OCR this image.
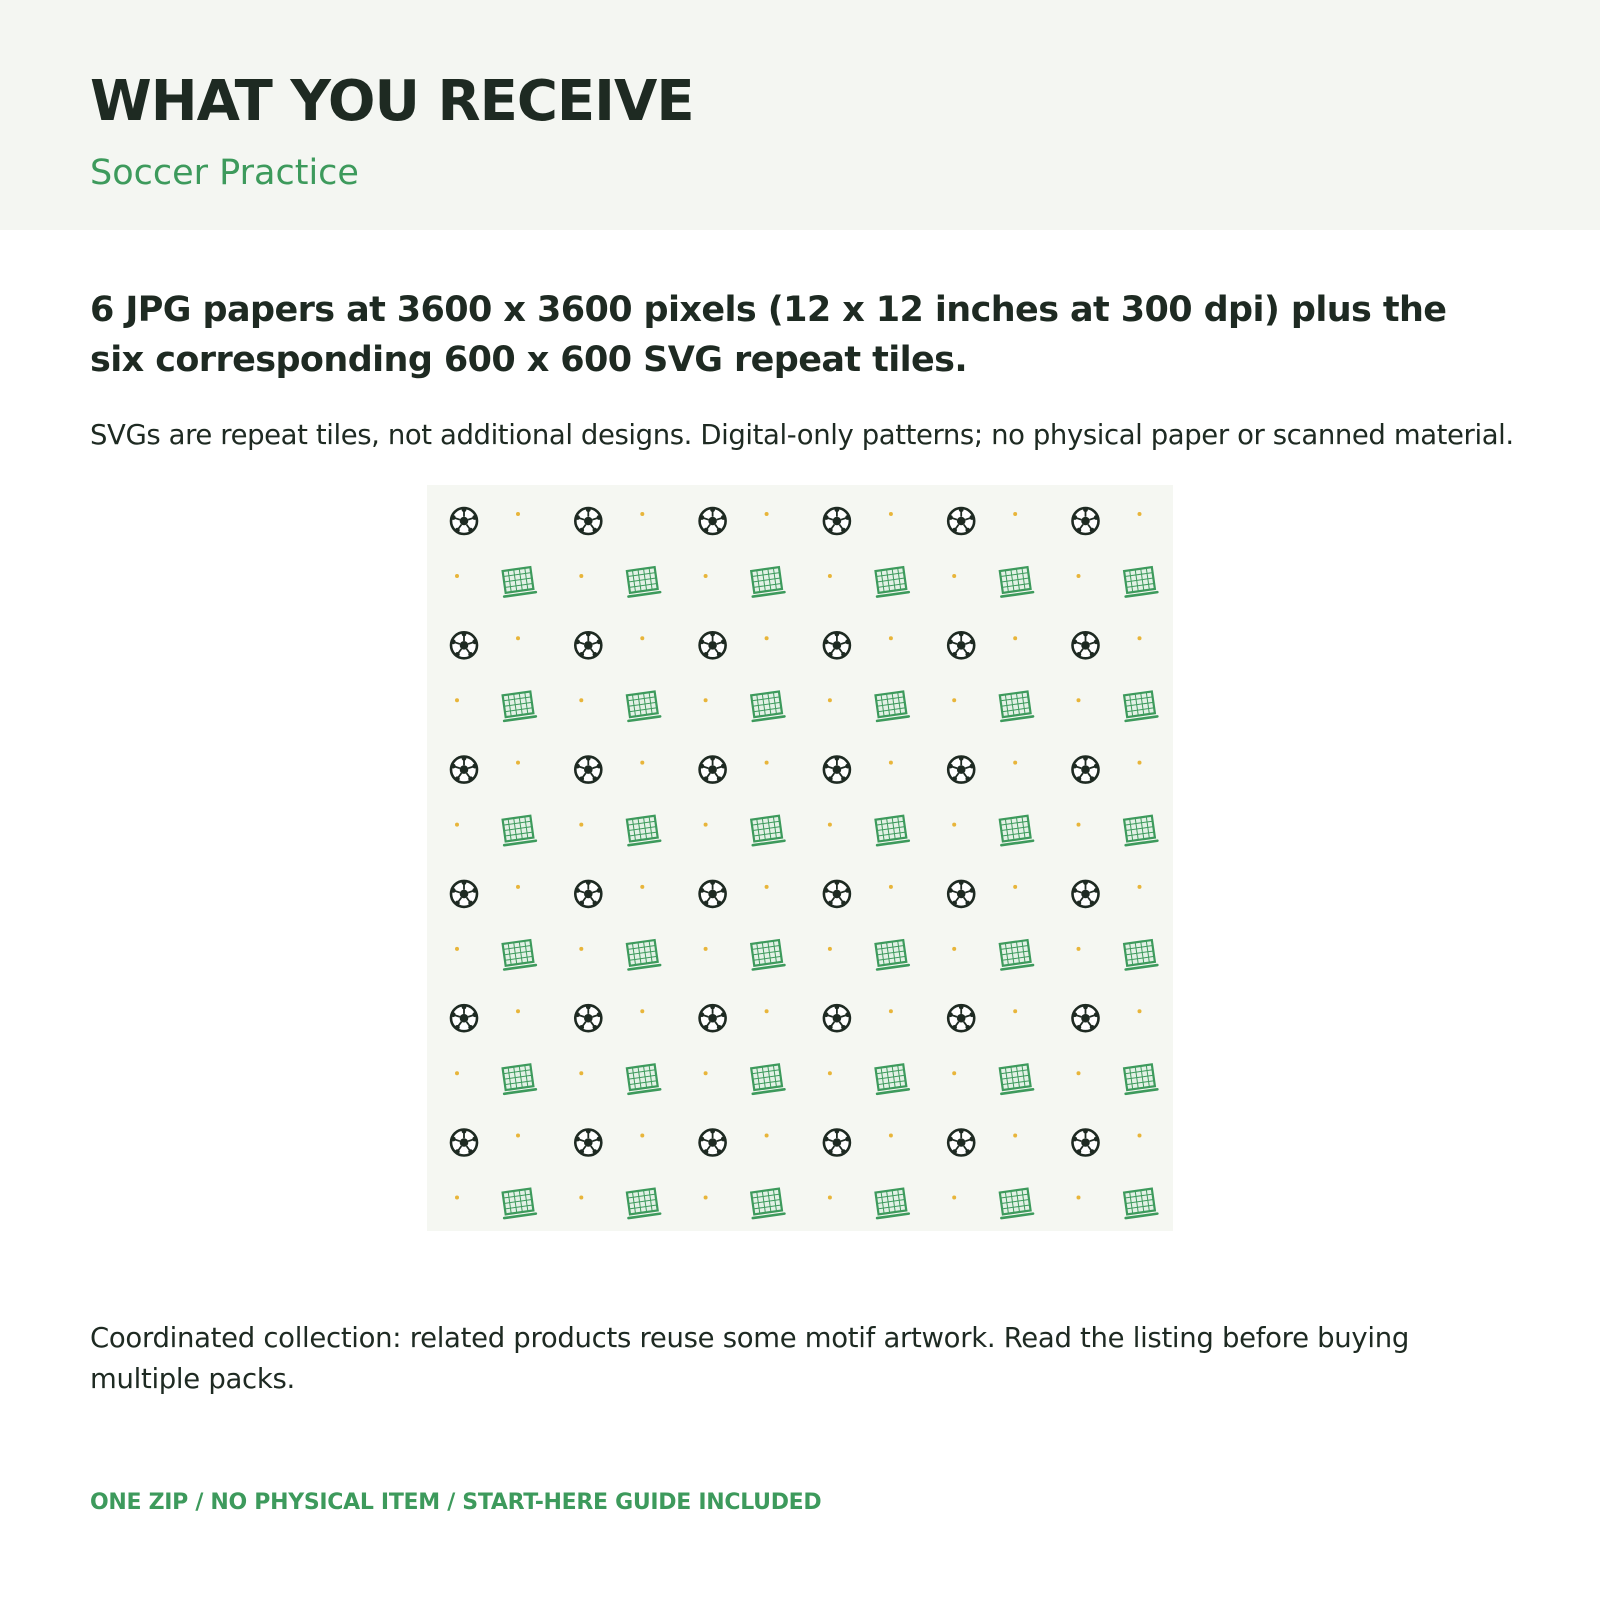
WHAT YOU RECEIVE

Soccer Practice

6 JPG papers at 3600 x 3600 pixels (12 x 12 inches at 300 dpi) plus the six corresponding 600 x 600 SVG repeat tiles.

SVGs are repeat tiles, not additional designs. Digital-only patterns; no physical paper or scanned material.

Coordinated collection: related products reuse some motif artwork. Read the listing before buying multiple packs.

ONE ZIP / NO PHYSICAL ITEM / START-HERE GUIDE INCLUDED
